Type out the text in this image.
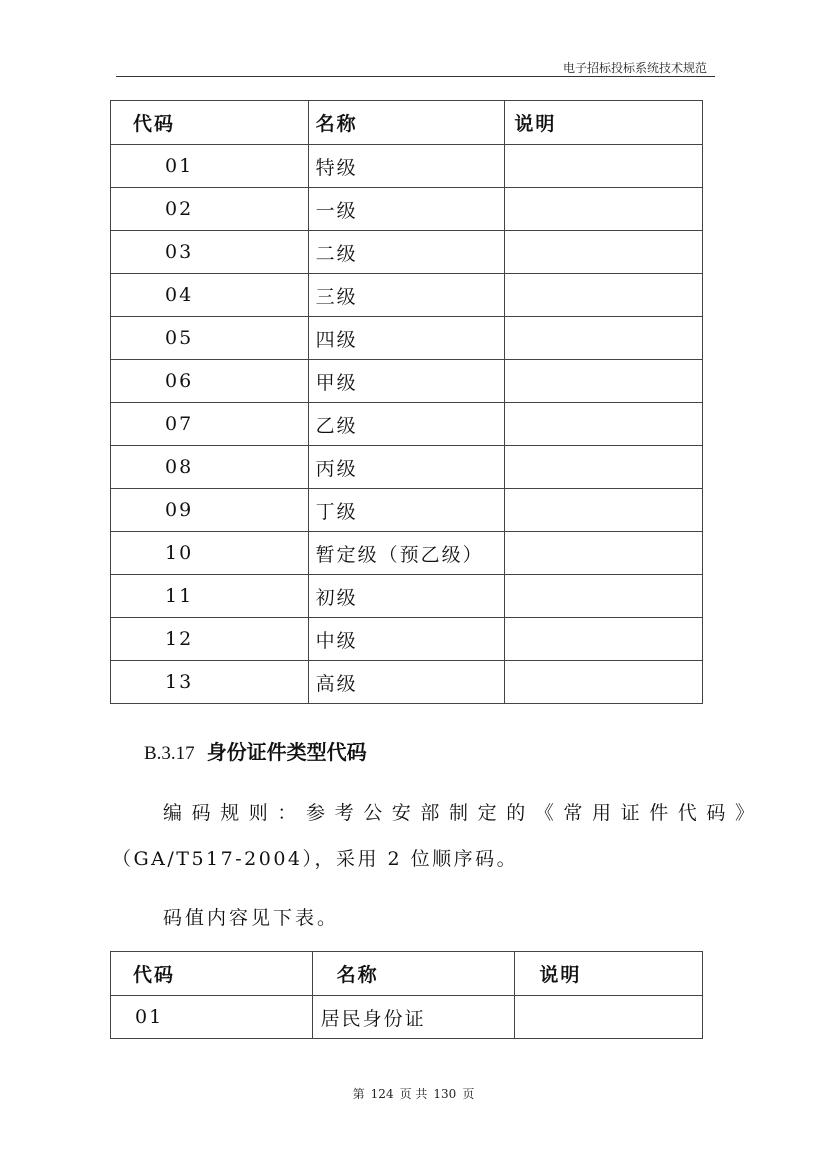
电子招标投标系统技术规范
代码	名称	说明
01	特级	
02	一级	
03	二级	
04	三级	
05	四级	
06	甲级	
07	乙级	
08	丙级	
09	丁级	
10	暂定级（预乙级）	
11	初级	
12	中级	
13	高级	
B.3.17 身份证件类型代码
编码规则：参考公安部制定的《常用证件代码》
（GA/T517-2004），采用 2 位顺序码。
码值内容见下表。
代码	名称	说明
01	居民身份证	
第 124 页 共 130 页
